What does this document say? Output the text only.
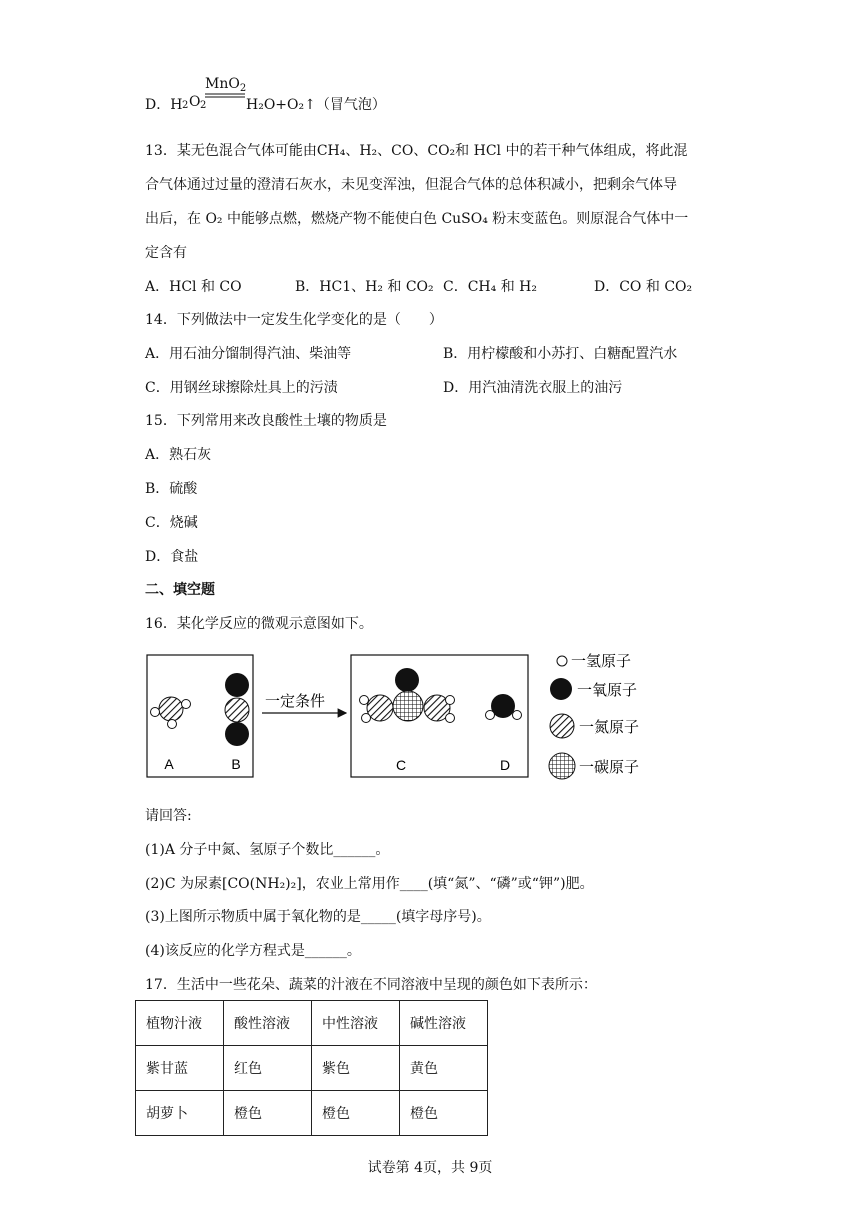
D．H 2 O 2
MnO$_2$
H₂O+O₂↑（冒气泡）
13．某无色混合气体可能由CH₄、H₂、CO、CO₂和 HCl 中的若干种气体组成，将此混
合气体通过过量的澄清石灰水，未见变浑浊，但混合气体的总体积减小，把剩余气体导
出后，在 O₂ 中能够点燃，燃烧产物不能使白色 CuSO₄ 粉末变蓝色。则原混合气体中一
定含有
A．HCl 和 CO	B．HC1、H₂ 和 CO₂ C．CH₄ 和 H₂	D．CO 和 CO₂
14．下列做法中一定发生化学变化的是（　　）
A．用石油分馏制得汽油、柴油等	B．用柠檬酸和小苏打、白糖配置汽水
C．用钢丝球擦除灶具上的污渍	D．用汽油清洗衣服上的油污
15．下列常用来改良酸性土壤的物质是
A．熟石灰
B．硫酸
C．烧碱
D．食盐
二、填空题
16．某化学反应的微观示意图如下。
A	B
一定条件
C	D
一氢原子
一氧原子
一氮原子
一碳原子
请回答:
(1)A 分子中氮、氢原子个数比______。
(2)C 为尿素[CO(NH₂)₂]，农业上常用作____(填“氮”、“磷”或“钾”)肥。
(3)上图所示物质中属于氧化物的是_____(填字母序号)。
(4)该反应的化学方程式是______。
17．生活中一些花朵、蔬菜的汁液在不同溶液中呈现的颜色如下表所示：
植物汁液	酸性溶液	中性溶液	碱性溶液
紫甘蓝	红色	紫色	黄色
胡萝卜	橙色	橙色	橙色
试卷第 4页，共 9页
